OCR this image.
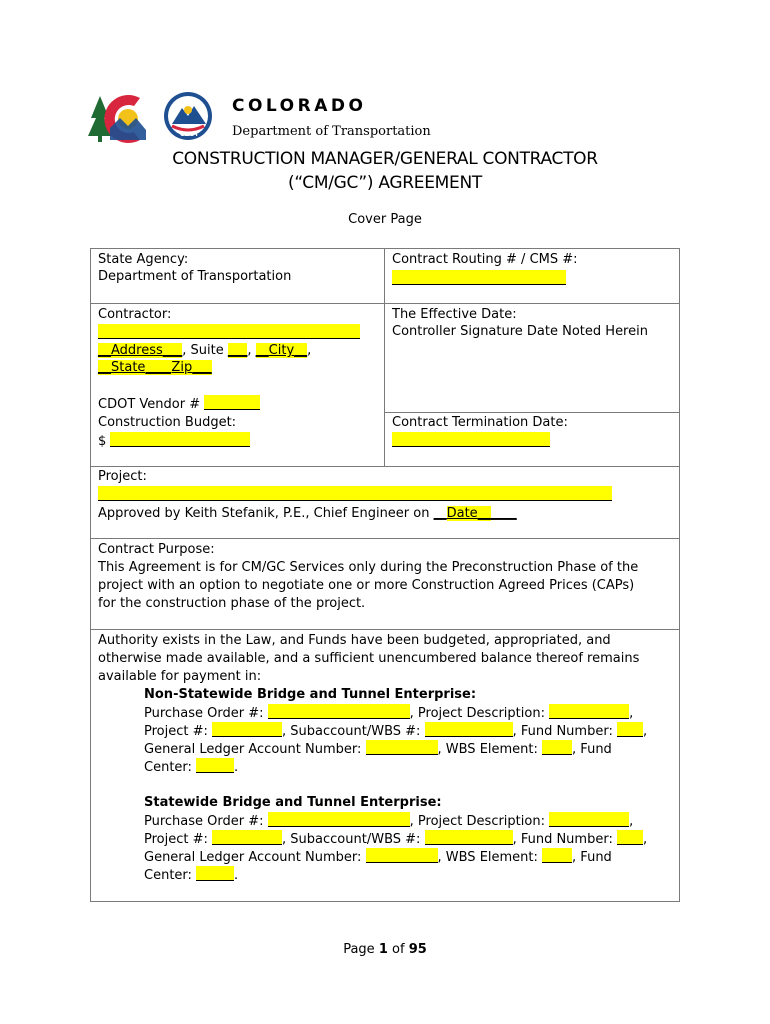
CDOT
COLORADO
Department of Transportation
CONSTRUCTION MANAGER/GENERAL CONTRACTOR
(“CM/GC”) AGREEMENT
Cover Page
State Agency:
Department of Transportation
Contract Routing # / CMS #:
Contractor:
__Address___, Suite ___, __City__,
__State____Zip___
CDOT Vendor #
Construction Budget:
$
The Effective Date:
Controller Signature Date Noted Herein
Contract Termination Date:
Project:
Approved by Keith Stefanik, P.E., Chief Engineer on __Date______
Contract Purpose:
This Agreement is for CM/GC Services only during the Preconstruction Phase of the
project with an option to negotiate one or more Construction Agreed Prices (CAPs)
for the construction phase of the project.
Authority exists in the Law, and Funds have been budgeted, appropriated, and
otherwise made available, and a sufficient unencumbered balance thereof remains
available for payment in:
Non-Statewide Bridge and Tunnel Enterprise:
Purchase Order #:	, Project Description:	,
Project #:	, Subaccount/WBS #:	, Fund Number: ,
General Ledger Account Number:	, WBS Element:	, Fund
Center:	.
Statewide Bridge and Tunnel Enterprise:
Purchase Order #:	, Project Description:	,
Project #:	, Subaccount/WBS #:	, Fund Number: ,
General Ledger Account Number:	, WBS Element:	, Fund
Center:	.
Page 1 of 95
